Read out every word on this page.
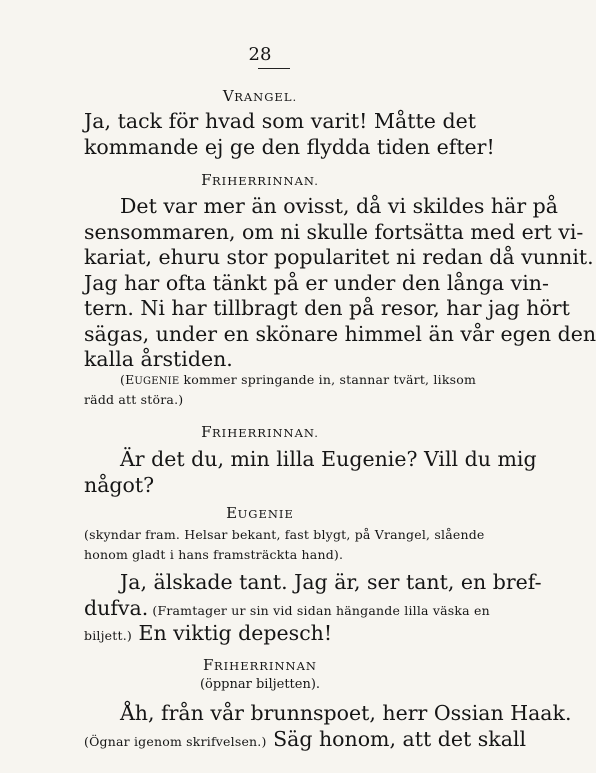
28
VRANGEL.
Ja, tack för hvad som varit! Måtte det
kommande ej ge den flydda tiden efter!
FRIHERRINNAN.
Det var mer än ovisst, då vi skildes här på
sensommaren, om ni skulle fortsätta med ert vi-
kariat, ehuru stor popularitet ni redan då vunnit.
Jag har ofta tänkt på er under den långa vin-
tern. Ni har tillbragt den på resor, har jag hört
sägas, under en skönare himmel än vår egen den
kalla årstiden.
(EUGENIE kommer springande in, stannar tvärt, liksom
rädd att störa.)
FRIHERRINNAN.
Är det du, min lilla Eugenie? Vill du mig
något?
EUGENIE
(skyndar fram. Helsar bekant, fast blygt, på Vrangel, slående
honom gladt i hans framsträckta hand).
Ja, älskade tant. Jag är, ser tant, en bref-
dufva. (Framtager ur sin vid sidan hängande lilla väska en
biljett.) En viktig depesch!
FRIHERRINNAN
(öppnar biljetten).
Åh, från vår brunnspoet, herr Ossian Haak.
(Ögnar igenom skrifvelsen.) Säg honom, att det skall
